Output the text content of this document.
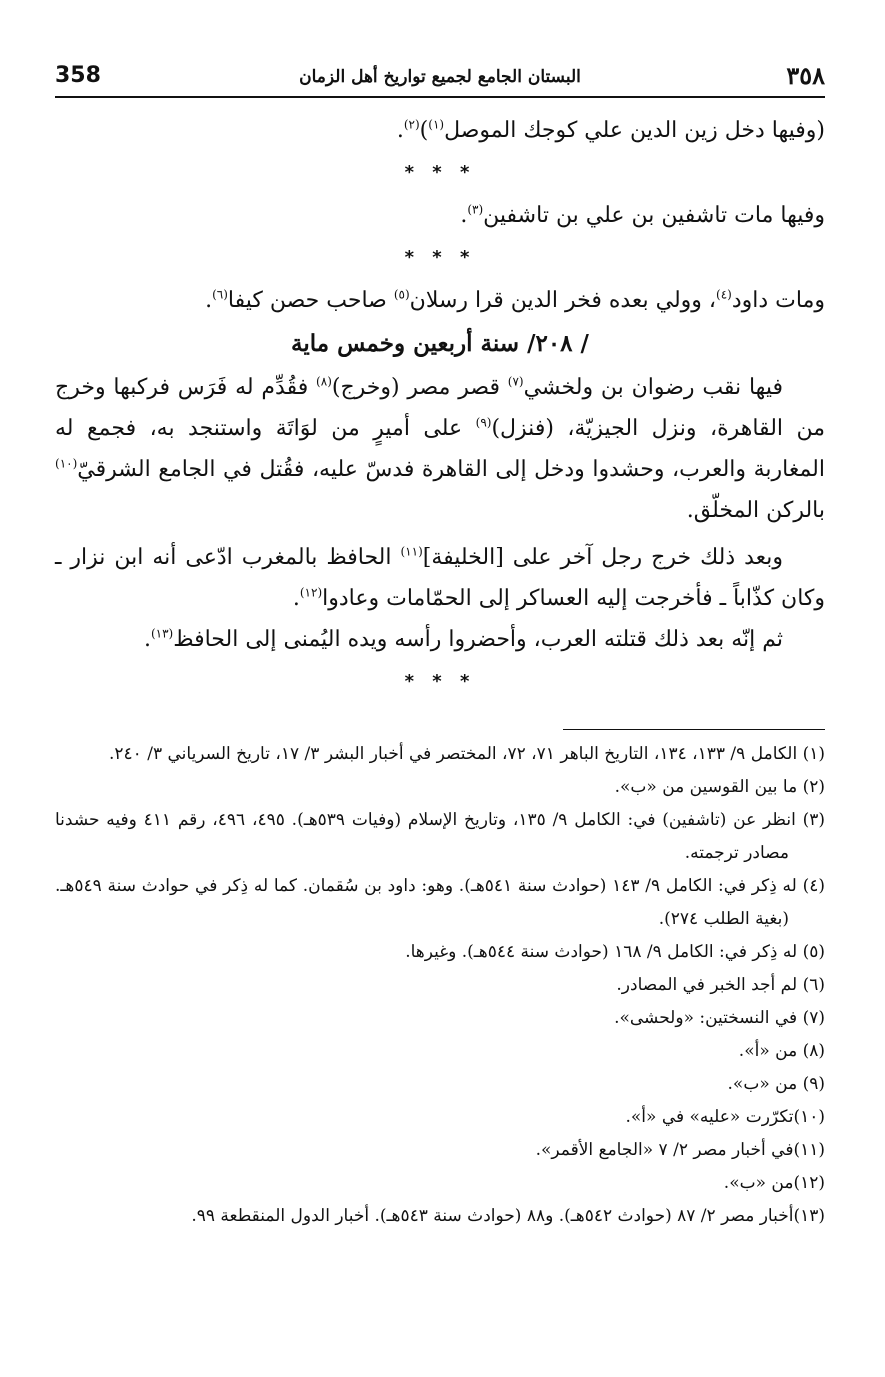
358	البستان الجامع لجميع تواريخ أهل الزمان	٣٥٨

(وفيها دخل زين الدين علي كوجك الموصل$^{(١)}$)$^{(٢)}$.

* * *

وفيها مات تاشفين بن علي بن تاشفين$^{(٣)}$.

* * *

ومات داود$^{(٤)}$، وولي بعده فخر الدين قرا رسلان$^{(٥)}$ صاحب حصن كيفا$^{(٦)}$.

/ ٢٠٨/ سنة أربعين وخمس ماية

فيها نقب رضوان بن ولخشي$^{(٧)}$ قصر مصر (وخرج)$^{(٨)}$ فقُدِّم له فَرَس فركبها وخرج من القاهرة، ونزل الجيزيّة، (فنزل)$^{(٩)}$ على أميرٍ من لوَاتَة واستنجد به، فجمع له المغاربة والعرب، وحشدوا ودخل إلى القاهرة فدسّ عليه، فقُتل في الجامع الشرقيّ$^{(١٠)}$ بالركن المخلّق.

وبعد ذلك خرج رجل آخر على [الخليفة]$^{(١١)}$ الحافظ بالمغرب ادّعى أنه ابن نزار ـ وكان كذّاباً ـ فأخرجت إليه العساكر إلى الحمّامات وعادوا$^{(١٢)}$.

ثم إنّه بعد ذلك قتلته العرب، وأحضروا رأسه ويده اليُمنى إلى الحافظ$^{(١٣)}$.

* * *

(١) الكامل ٩/ ١٣٣، ١٣٤، التاريخ الباهر ٧١، ٧٢، المختصر في أخبار البشر ٣/ ١٧، تاريخ السرياني ٣/ ٢٤٠.

(٢) ما بين القوسين من «ب».

(٣) انظر عن (تاشفين) في: الكامل ٩/ ١٣٥، وتاريخ الإسلام (وفيات ٥٣٩هـ). ٤٩٥، ٤٩٦، رقم ٤١١ وفيه حشدنا مصادر ترجمته.

(٤) له ذِكر في: الكامل ٩/ ١٤٣ (حوادث سنة ٥٤١هـ). وهو: داود بن سُقمان. كما له ذِكر في حوادث سنة ٥٤٩هـ. (بغية الطلب ٢٧٤).

(٥) له ذِكر في: الكامل ٩/ ١٦٨ (حوادث سنة ٥٤٤هـ). وغيرها.

(٦) لم أجد الخبر في المصادر.

(٧) في النسختين: «ولحشى».

(٨) من «أ».

(٩) من «ب».

(١٠)تكرّرت «عليه» في «أ».

(١١)في أخبار مصر ٢/ ٧ «الجامع الأقمر».

(١٢)من «ب».

(١٣)أخبار مصر ٢/ ٨٧ (حوادث ٥٤٢هـ). و٨٨ (حوادث سنة ٥٤٣هـ). أخبار الدول المنقطعة ٩٩.
